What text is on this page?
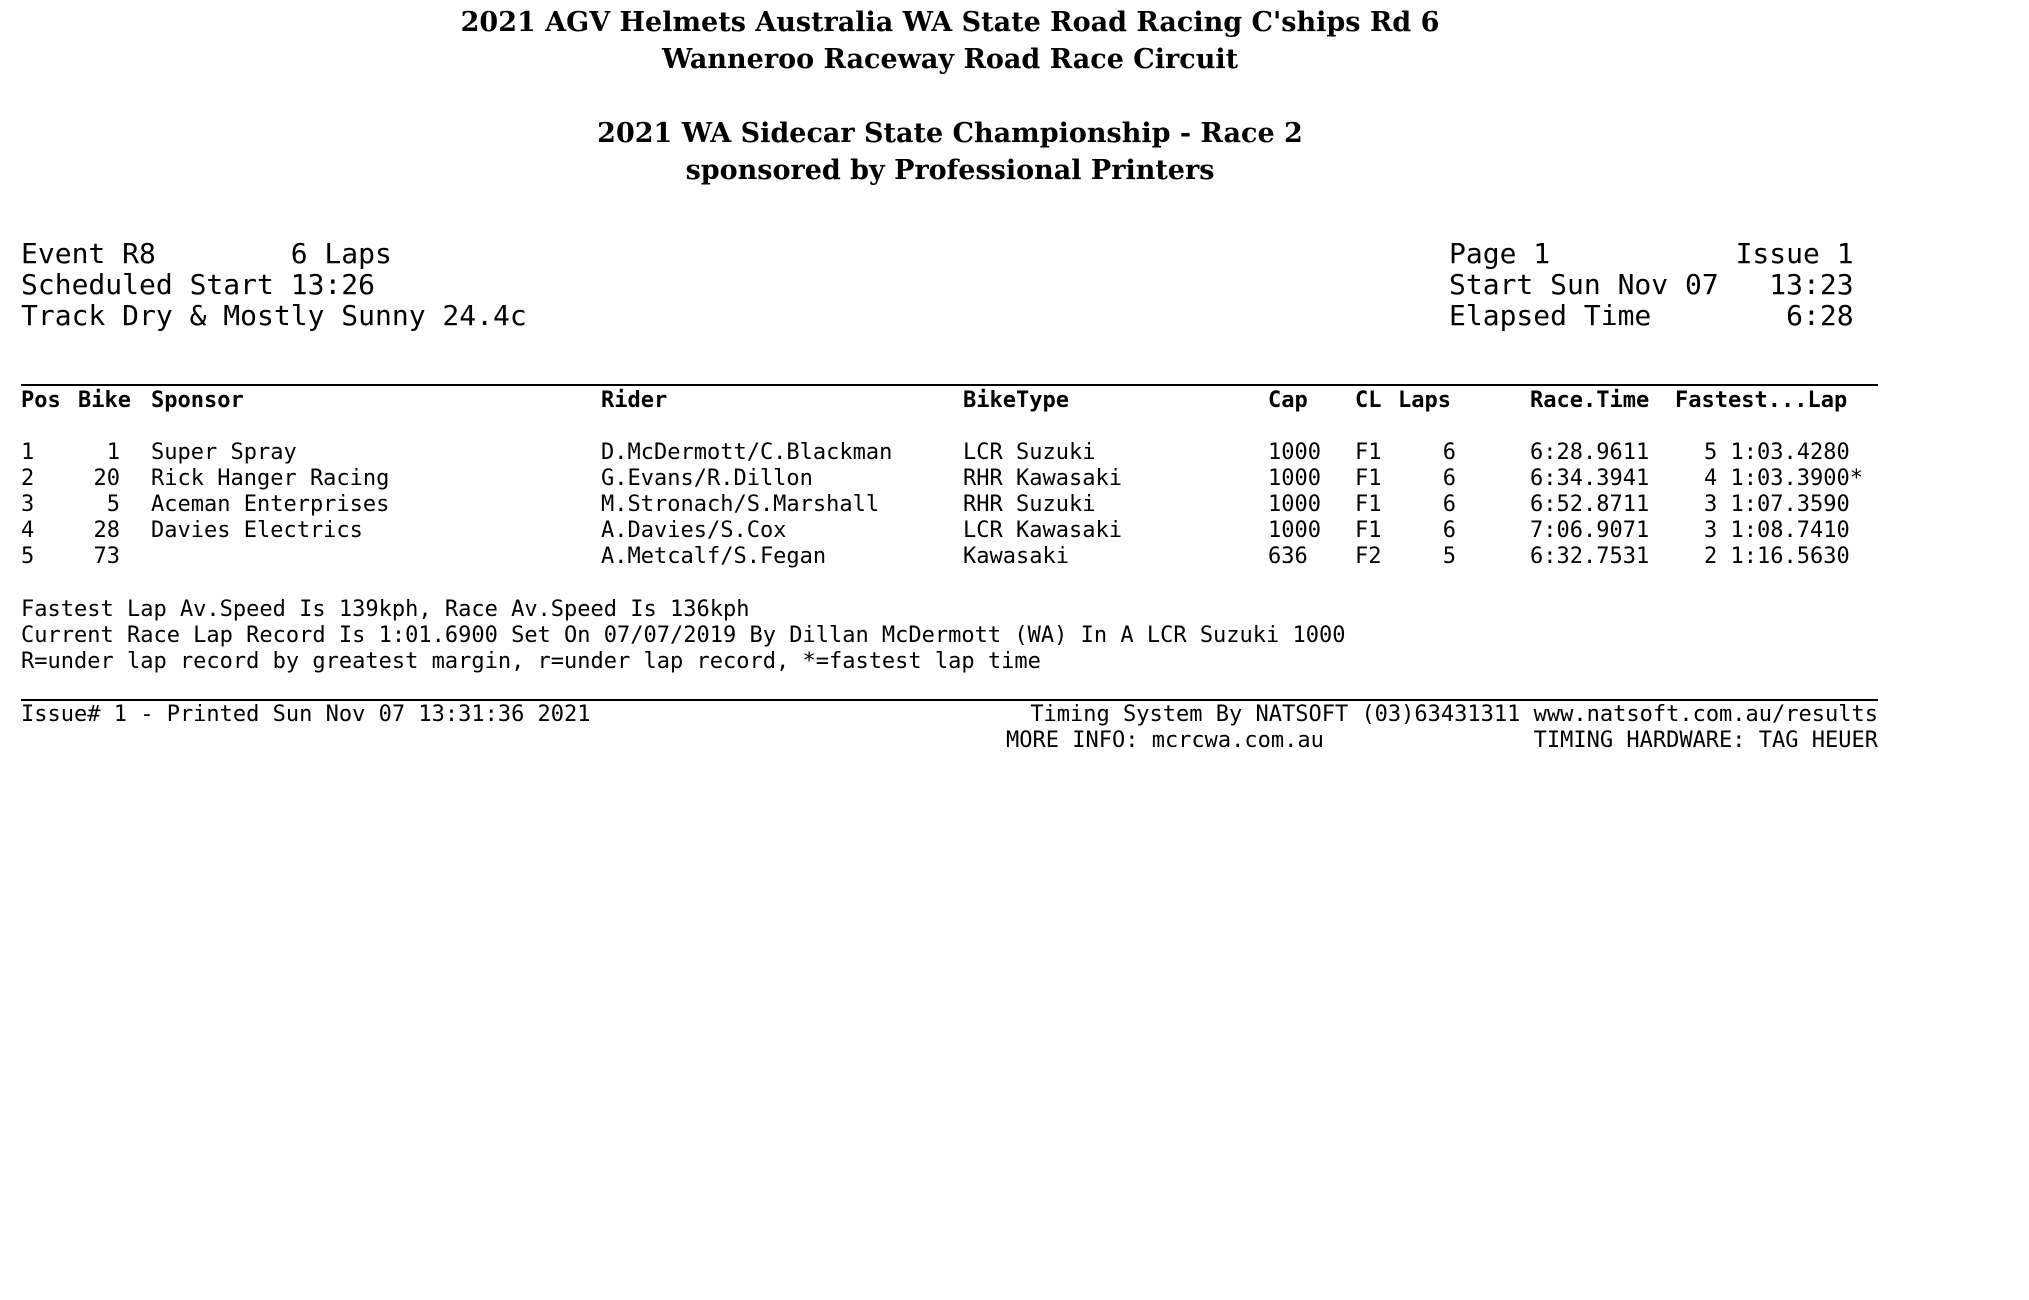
2021 AGV Helmets Australia WA State Road Racing C'ships Rd 6
Wanneroo Raceway Road Race Circuit
2021 WA Sidecar State Championship - Race 2
sponsored by Professional Printers
Event R8        6 Laps
Scheduled Start 13:26
Track Dry & Mostly Sunny 24.4c
Page 1           Issue 1
Start Sun Nov 07   13:23
Elapsed Time        6:28
Pos Bike Sponsor	Rider	BikeType	Cap CL Laps	Race.Time Fastest...Lap
1	1 Super Spray	D.McDermott/C.Blackman	LCR Suzuki	1000 F1	6	6:28.9611 5 1:03.4280
2	20 Rick Hanger Racing	G.Evans/R.Dillon	RHR Kawasaki	1000 F1	6	6:34.3941 4 1:03.3900*
3	5 Aceman Enterprises	M.Stronach/S.Marshall	RHR Suzuki	1000 F1	6	6:52.8711 3 1:07.3590
4	28 Davies Electrics	A.Davies/S.Cox	LCR Kawasaki	1000 F1	6	7:06.9071 3 1:08.7410
5	73	A.Metcalf/S.Fegan	Kawasaki	636 F2	5	6:32.7531 2 1:16.5630
Fastest Lap Av.Speed Is 139kph, Race Av.Speed Is 136kph
Current Race Lap Record Is 1:01.6900 Set On 07/07/2019 By Dillan McDermott (WA) In A LCR Suzuki 1000
R=under lap record by greatest margin, r=under lap record, *=fastest lap time
Issue# 1 - Printed Sun Nov 07 13:31:36 2021	Timing System By NATSOFT (03)63431311 www.natsoft.com.au/results
MORE INFO: mcrcwa.com.au	TIMING HARDWARE: TAG HEUER
